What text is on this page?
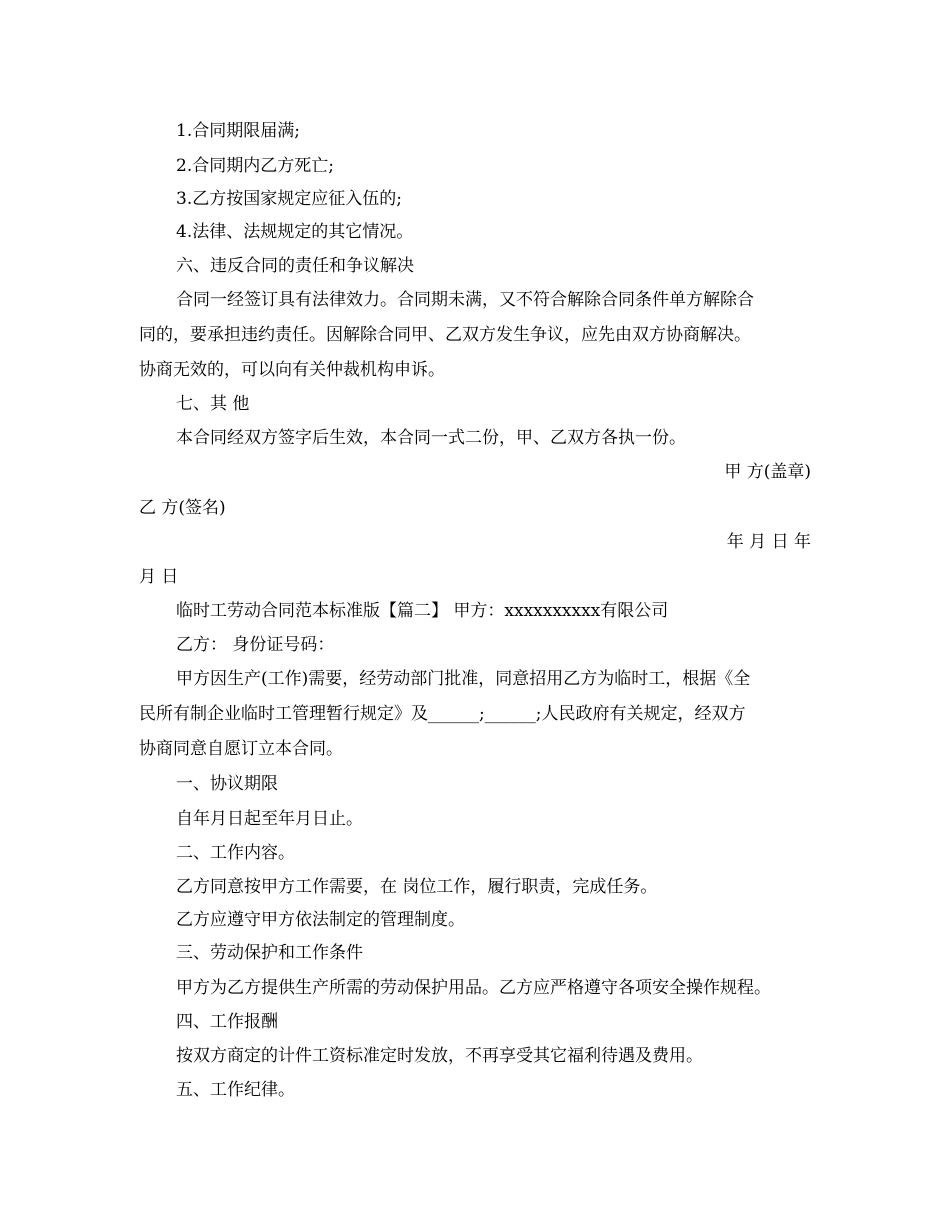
1.合同期限届满;
2.合同期内乙方死亡;
3.乙方按国家规定应征入伍的;
4.法律、法规规定的其它情况。
六、违反合同的责任和争议解决
合同一经签订具有法律效力。合同期未满，又不符合解除合同条件单方解除合
同的，要承担违约责任。因解除合同甲、乙双方发生争议，应先由双方协商解决。
协商无效的，可以向有关仲裁机构申诉。
七、其 他
本合同经双方签字后生效，本合同一式二份，甲、乙双方各执一份。
甲 方(盖章)
乙 方(签名)
年 月 日 年
月 日
临时工劳动合同范本标准版【篇二】 甲方：xxxxxxxxxx有限公司
乙方： 身份证号码：
甲方因生产(工作)需要，经劳动部门批准，同意招用乙方为临时工，根据《全
民所有制企业临时工管理暂行规定》及______;______;人民政府有关规定，经双方
协商同意自愿订立本合同。
一、协议期限
自年月日起至年月日止。
二、工作内容。
乙方同意按甲方工作需要，在 岗位工作，履行职责，完成任务。
乙方应遵守甲方依法制定的管理制度。
三、劳动保护和工作条件
甲方为乙方提供生产所需的劳动保护用品。乙方应严格遵守各项安全操作规程。
四、工作报酬
按双方商定的计件工资标准定时发放，不再享受其它福利待遇及费用。
五、工作纪律。
